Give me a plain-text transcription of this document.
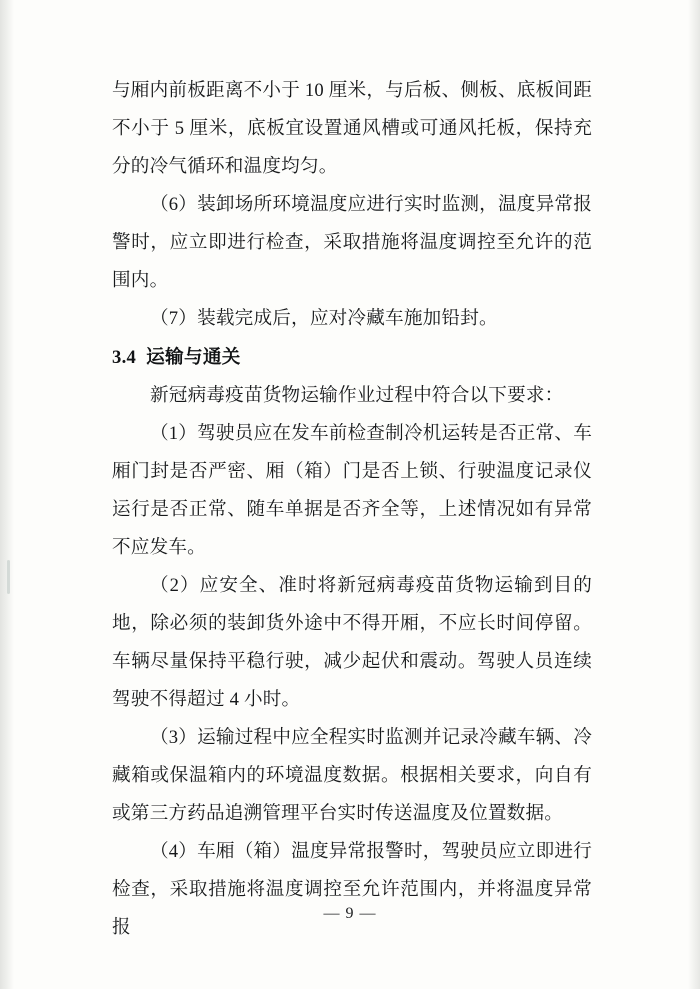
与厢内前板距离不小于 10 厘米，与后板、侧板、底板间距不小于 5 厘米，底板宜设置通风槽或可通风托板，保持充分的冷气循环和温度均匀。

（6）装卸场所环境温度应进行实时监测，温度异常报警时，应立即进行检查，采取措施将温度调控至允许的范围内。

（7）装载完成后，应对冷藏车施加铅封。

3.4 运输与通关

新冠病毒疫苗货物运输作业过程中符合以下要求：

（1）驾驶员应在发车前检查制冷机运转是否正常、车厢门封是否严密、厢（箱）门是否上锁、行驶温度记录仪运行是否正常、随车单据是否齐全等，上述情况如有异常不应发车。

（2）应安全、准时将新冠病毒疫苗货物运输到目的地，除必须的装卸货外途中不得开厢，不应长时间停留。车辆尽量保持平稳行驶，减少起伏和震动。驾驶人员连续驾驶不得超过 4 小时。

（3）运输过程中应全程实时监测并记录冷藏车辆、冷藏箱或保温箱内的环境温度数据。根据相关要求，向自有或第三方药品追溯管理平台实时传送温度及位置数据。

（4）车厢（箱）温度异常报警时，驾驶员应立即进行检查，采取措施将温度调控至允许范围内，并将温度异常报

— 9 —
